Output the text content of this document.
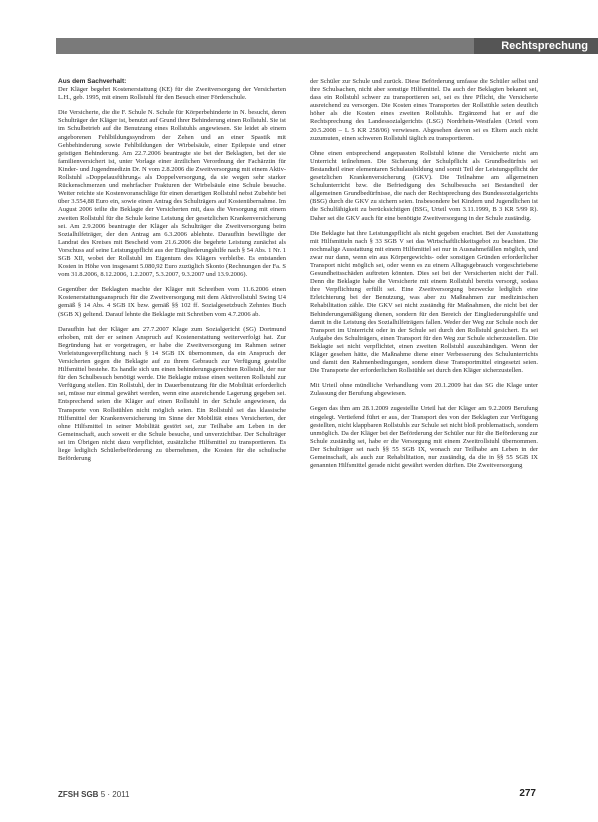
Rechtsprechung

Aus dem Sachverhalt:

Der Kläger begehrt Kostenerstattung (KE) für die Zweitversorgung der Versicherten L.H., geb. 1995, mit einem Rollstuhl für den Besuch einer Förderschule.

Die Versicherte, die die F. Schule N. Schule für Körperbehinderte in N. besucht, deren Schulträger der Kläger ist, benutzt auf Grund ihrer Behinderung einen Rollstuhl. Sie ist im Schulbetrieb auf die Benutzung eines Rollstuhls angewiesen. Sie leidet ab einem angeborenen Fehlbildungssyndrom der Zehen und an einer Spastik mit Gehbehinderung sowie Fehlbildungen der Wirbelsäule, einer Epilepsie und einer geistigen Behinderung. Am 22.7.2006 beantragte sie bei der Beklagten, bei der sie familienversichert ist, unter Vorlage einer ärztlichen Verordnung der Fachärztin für Kinder- und Jugendmedizin Dr. N vom 2.8.2006 die Zweitversorgung mit einem Aktiv-Rollstuhl »Doppelausführung« als Doppelversorgung, da sie wegen sehr starker Rückenschmerzen und mehrfacher Frakturen der Wirbelsäule eine Schule besuche. Weiter reichte sie Kostenvoranschläge für einen derartigen Rollstuhl nebst Zubehör bei über 3.554,88 Euro ein, sowie einen Antrag des Schulträgers auf Kostenübernahme. Im August 2006 teilte die Beklagte der Versicherten mit, dass die Versorgung mit einem zweiten Rollstuhl für die Schule keine Leistung der gesetzlichen Krankenversicherung sei. Am 2.9.2006 beantragte der Kläger als Schulträger die Zweitversorgung beim Sozialhilfeträger, der den Antrag am 6.3.2006 ablehnte. Daraufhin bewilligte der Landrat des Kreises mit Bescheid vom 21.6.2006 die begehrte Leistung zunächst als Vorschuss auf seine Leistungspflicht aus der Eingliederungshilfe nach § 54 Abs. 1 Nr. 1 SGB XII, wobei der Rollstuhl im Eigentum des Klägers verbleibe. Es entstanden Kosten in Höhe von insgesamt 5.080,92 Euro zuzüglich Skonto (Rechnungen der Fa. S vom 31.8.2006, 8.12.2006, 1.2.2007, 5.3.2007, 9.3.2007 und 13.9.2006).

Gegenüber der Beklagten machte der Kläger mit Schreiben vom 11.6.2006 einen Kostenerstattungsanspruch für die Zweitversorgung mit dem Aktivrollstuhl Swing U4 gemäß § 14 Abs. 4 SGB IX bzw. gemäß §§ 102 ff. Sozialgesetzbuch Zehntes Buch (SGB X) geltend. Darauf lehnte die Beklagte mit Schreiben vom 4.7.2006 ab.

Daraufhin hat der Kläger am 27.7.2007 Klage zum Sozialgericht (SG) Dortmund erhoben, mit der er seinen Anspruch auf Kostenerstattung weiterverfolgt hat. Zur Begründung hat er vorgetragen, er habe die Zweitversorgung im Rahmen seiner Vorleistungsverpflichtung nach § 14 SGB IX übernommen, da ein Anspruch der Versicherten gegen die Beklagte auf zu ihrem Gebrauch zur Verfügung gestellte Hilfsmittel bestehe. Es handle sich um einen behinderungsgerechten Rollstuhl, der nur für den Schulbesuch benötigt werde. Die Beklagte müsse einen weiteren Rollstuhl zur Verfügung stellen. Ein Rollstuhl, der in Dauerbenutzung für die Mobilität erforderlich sei, müsse nur einmal gewährt werden, wenn eine ausreichende Lagerung gegeben sei. Entsprechend seien die Kläger auf einen Rollstuhl in der Schule angewiesen, da Transporte von Rollstühlen nicht möglich seien. Ein Rollstuhl sei das klassische Hilfsmittel der Krankenversicherung im Sinne der Mobilität eines Versicherten, der ohne Hilfsmittel in seiner Mobilität gestört sei, zur Teilhabe am Leben in der Gemeinschaft, auch soweit er die Schule besuche, und unverzichtbar. Der Schulträger sei im Übrigen nicht dazu verpflichtet, zusätzliche Hilfsmittel zu transportieren. Es liege lediglich Schülerbeförderung zu übernehmen, die Kosten für die schulische Beförderung

der Schüler zur Schule und zurück. Diese Beförderung umfasse die Schüler selbst und ihre Schulsachen, nicht aber sonstige Hilfsmittel. Da auch der Beklagten bekannt sei, dass ein Rollstuhl schwer zu transportieren sei, sei es ihre Pflicht, die Versicherte ausreichend zu versorgen. Die Kosten eines Transportes der Rollstühle seien deutlich höher als die Kosten eines zweiten Rollstuhls. Ergänzend hat er auf die Rechtsprechung des Landessozialgerichts (LSG) Nordrhein-Westfalen (Urteil vom 20.5.2008 – L 5 KR 258/06) verwiesen. Abgesehen davon sei es Eltern auch nicht zuzumuten, einen schweren Rollstuhl täglich zu transportieren.

Ohne einen entsprechend angepassten Rollstuhl könne die Versicherte nicht am Unterricht teilnehmen. Die Sicherung der Schulpflicht als Grundbedürfnis sei Bestandteil einer elementaren Schulausbildung und somit Teil der Leistungspflicht der gesetzlichen Krankenversicherung (GKV). Die Teilnahme am allgemeinen Schulunterricht bzw. die Befriedigung des Schulbesuchs sei Bestandteil der allgemeinen Grundbedürfnisse, die nach der Rechtsprechung des Bundessozialgerichts (BSG) durch die GKV zu sichern seien. Insbesondere bei Kindern und Jugendlichen ist die Schulfähigkeit zu berücksichtigen (BSG, Urteil vom 3.11.1999, B 3 KR 5/99 R). Daher sei die GKV auch für eine benötigte Zweitversorgung in der Schule zuständig.

Die Beklagte hat ihre Leistungspflicht als nicht gegeben erachtet. Bei der Ausstattung mit Hilfsmitteln nach § 33 SGB V sei das Wirtschaftlichkeitsgebot zu beachten. Die nochmalige Ausstattung mit einem Hilfsmittel sei nur in Ausnahmefällen möglich, und zwar nur dann, wenn ein aus Körpergewichts- oder sonstigen Gründen erforderlicher Transport nicht möglich sei, oder wenn es zu einem Alltagsgebrauch vorgeschriebene Gesundheitsschäden auftreten könnten. Dies sei bei der Versicherten nicht der Fall. Denn die Beklagte habe die Versicherte mit einem Rollstuhl bereits versorgt, sodass ihre Verpflichtung erfüllt sei. Eine Zweitversorgung bezwecke lediglich eine Erleichterung bei der Benutzung, was aber zu Maßnahmen zur medizinischen Rehabilitation zähle. Die GKV sei nicht zuständig für Maßnahmen, die nicht bei der Behinderungsmäßigung dienen, sondern für den Bereich der Eingliederungshilfe und damit in die Leistung des Sozialhilfeträgers fallen. Weder der Weg zur Schule noch der Transport im Unterricht oder in der Schule sei durch den Rollstuhl gesichert. Es sei Aufgabe des Schulträgers, einen Transport für den Weg zur Schule sicherzustellen. Die Beklagte sei nicht verpflichtet, einen zweiten Rollstuhl auszuhändigen. Wenn der Kläger gesehen hätte, die Maßnahme diene einer Verbesserung des Schulunterrichts und damit den Rahmenbedingungen, sondern diese Transportmittel eingesetzt seien. Die Transporte der erforderlichen Rollstühle sei durch den Kläger sicherzustellen.

Mit Urteil ohne mündliche Verhandlung vom 20.1.2009 hat das SG die Klage unter Zulassung der Berufung abgewiesen.

Gegen das ihm am 28.1.2009 zugestellte Urteil hat der Kläger am 9.2.2009 Berufung eingelegt. Vertiefend führt er aus, der Transport des von der Beklagten zur Verfügung gestellten, nicht klappbaren Rollstuhls zur Schule sei nicht bloß problematisch, sondern unmöglich. Da der Kläger bei der Beförderung der Schüler nur für die Beförderung zur Schule zuständig sei, habe er die Versorgung mit einem Zweitrollstuhl übernommen. Der Schulträger sei nach §§ 55 SGB IX, wonach zur Teilhabe am Leben in der Gemeinschaft, als auch zur Rehabilitation, nur zuständig, da die in §§ 55 SGB IX genannten Hilfsmittel gerade nicht gewährt werden dürften. Die Zweitversorgung

ZFSH SGB 5 · 2011	277
